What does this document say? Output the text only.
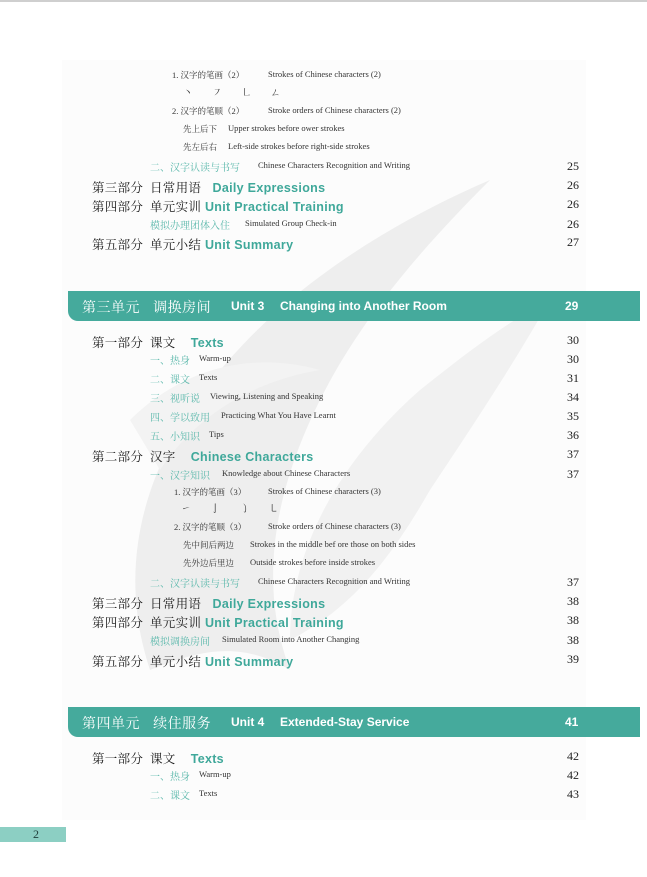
1. 汉字的笔画（2）	Strokes of Chinese characters (2)
丶 ㇇ ㇗ ㄥ
2. 汉字的笔顺（2）	Stroke orders of Chinese characters (2)
先上后下 Upper strokes before ower strokes
先左后右 Left-side strokes before right-side strokes
二、汉字认读与书写 Chinese Characters Recognition and Writing	25
第三部分 日常用语 Daily Expressions	26
第四部分 单元实训 Unit Practical Training	26
模拟办理团体入住 Simulated Group Check-in	26
第五部分 单元小结 Unit Summary	27
第三单元 调换房间 Unit 3 Changing into Another Room	29
第一部分 课文 Texts	30
一、热身 Warm-up	30
二、课文 Texts	31
三、视听说 Viewing, Listening and Speaking	34
四、学以致用 Practicing What You Have Learnt	35
五、小知识 Tips	36
第二部分 汉字 Chinese Characters	37
一、汉字知识 Knowledge about Chinese Characters	37
1. 汉字的笔画（3）	Strokes of Chinese characters (3)
㇀ 亅 ㇁ ㇄
2. 汉字的笔顺（3）	Stroke orders of Chinese characters (3)
先中间后两边 Strokes in the middle bef ore those on both sides
先外边后里边 Outside strokes before inside strokes
二、汉字认读与书写 Chinese Characters Recognition and Writing	37
第三部分 日常用语 Daily Expressions	38
第四部分 单元实训 Unit Practical Training	38
模拟调换房间 Simulated Room into Another Changing	38
第五部分 单元小结 Unit Summary	39
第四单元 续住服务 Unit 4 Extended-Stay Service	41
第一部分 课文 Texts	42
一、热身 Warm-up	42
二、课文 Texts	43
2
